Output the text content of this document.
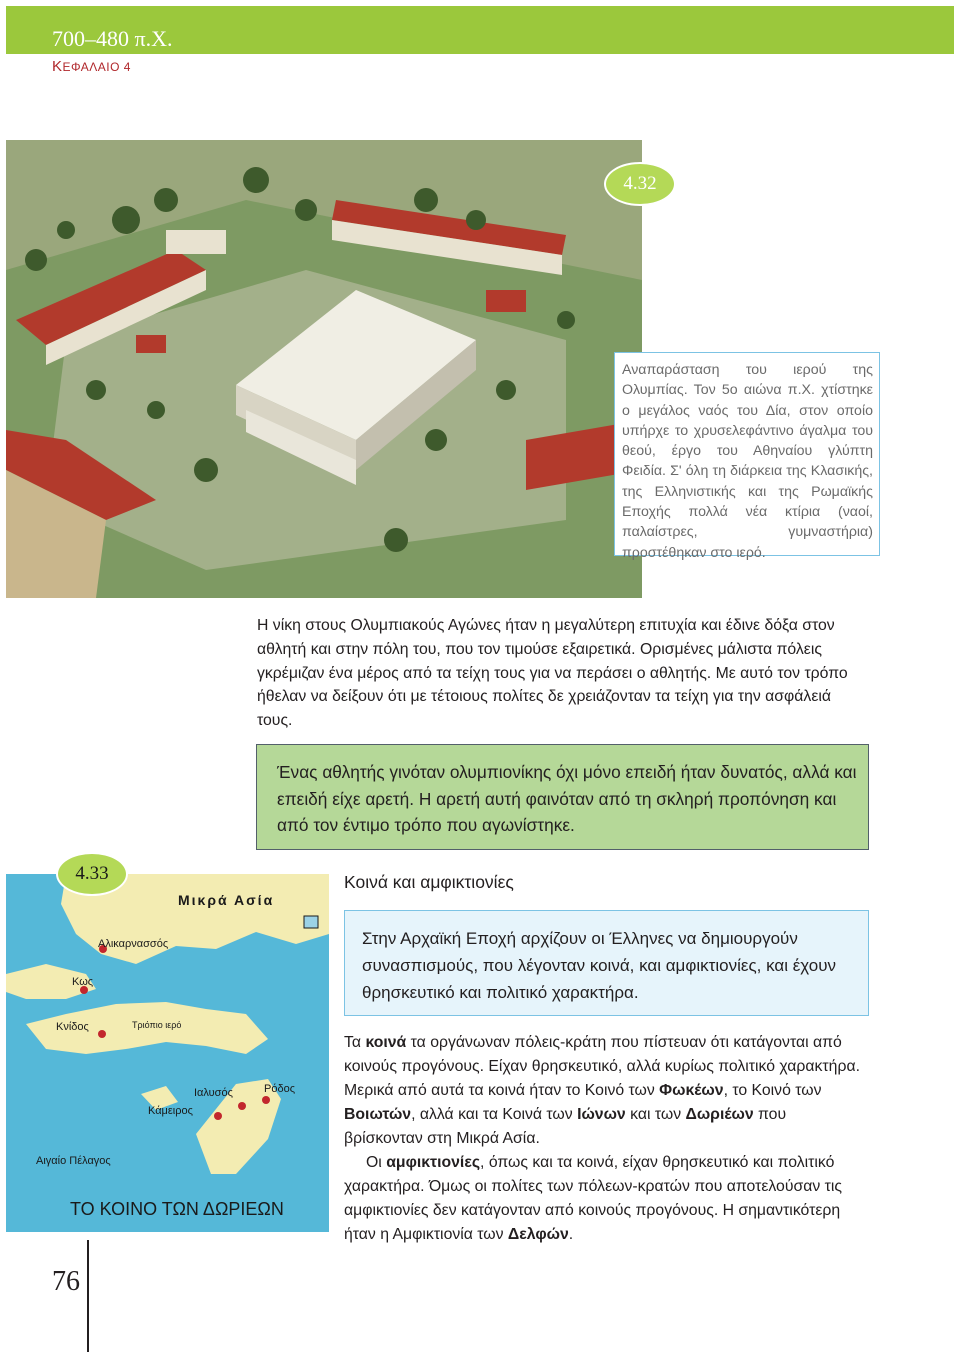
700–480 π.Χ.
ΚΕΦΑΛΑΙΟ 4
4.32
Αναπαράσταση του ιερού της Ολυμπίας. Τον 5ο αιώνα π.Χ. χτίστηκε ο μεγάλος ναός του Δία, στον οποίο υπήρχε το χρυσελεφάντινο άγαλμα του θεού, έργο του Αθηναίου γλύπτη Φειδία. Σ' όλη τη διάρκεια της Κλασικής, της Ελληνιστικής και της Ρωμαϊκής Εποχής πολλά νέα κτίρια (ναοί, παλαίστρες, γυμναστήρια) προστέθηκαν στο ιερό.
Η νίκη στους Ολυμπιακούς Αγώνες ήταν η μεγαλύτερη επιτυχία και έδινε δόξα στον αθλητή και στην πόλη του, που τον τιμούσε εξαιρετικά. Ορισμένες μάλιστα πόλεις γκρέμιζαν ένα μέρος από τα τείχη τους για να περάσει ο αθλητής. Με αυτό τον τρόπο ήθελαν να δείξουν ότι με τέτοιους πολίτες δε χρειάζονταν τα τείχη για την ασφάλειά τους.
Ένας αθλητής γινόταν ολυμπιονίκης όχι μόνο επειδή ήταν δυνατός, αλλά και επειδή είχε αρετή. Η αρετή αυτή φαινόταν από τη σκληρή προπόνηση και από τον έντιμο τρόπο που αγωνίστηκε.
Μικρά Ασία
Αλικαρνασσός
Κως
Κνίδος	Τριόπιο ιερό
Ιαλυσός	Ρόδος
Κάμειρος
Αιγαίο Πέλαγος
ΤΟ ΚΟΙΝΟ ΤΩΝ ΔΩΡΙΕΩΝ
4.33	Κοινά και αμφικτιονίες
Στην Αρχαϊκή Εποχή αρχίζουν οι Έλληνες να δημιουργούν συνασπισμούς, που λέγονταν κοινά, και αμφικτιονίες, και έχουν θρησκευτικό και πολιτικό χαρακτήρα.
Τα κοινά τα οργάνωναν πόλεις-κράτη που πίστευαν ότι κατάγονται από κοινούς προγόνους. Είχαν θρησκευτικό, αλλά κυρίως πολιτικό χαρακτήρα. Μερικά από αυτά τα κοινά ήταν το Κοινό των Φωκέων, το Κοινό των Βοιωτών, αλλά και τα Κοινά των Ιώνων και των Δωριέων που βρίσκονταν στη Μικρά Ασία.
Οι αμφικτιονίες, όπως και τα κοινά, είχαν θρησκευτικό και πολιτικό χαρακτήρα. Όμως οι πολίτες των πόλεων-κρατών που αποτελούσαν τις αμφικτιονίες δεν κατάγονταν από κοινούς προγόνους. Η σημαντικότερη ήταν η Αμφικτιονία των Δελφών.
76
